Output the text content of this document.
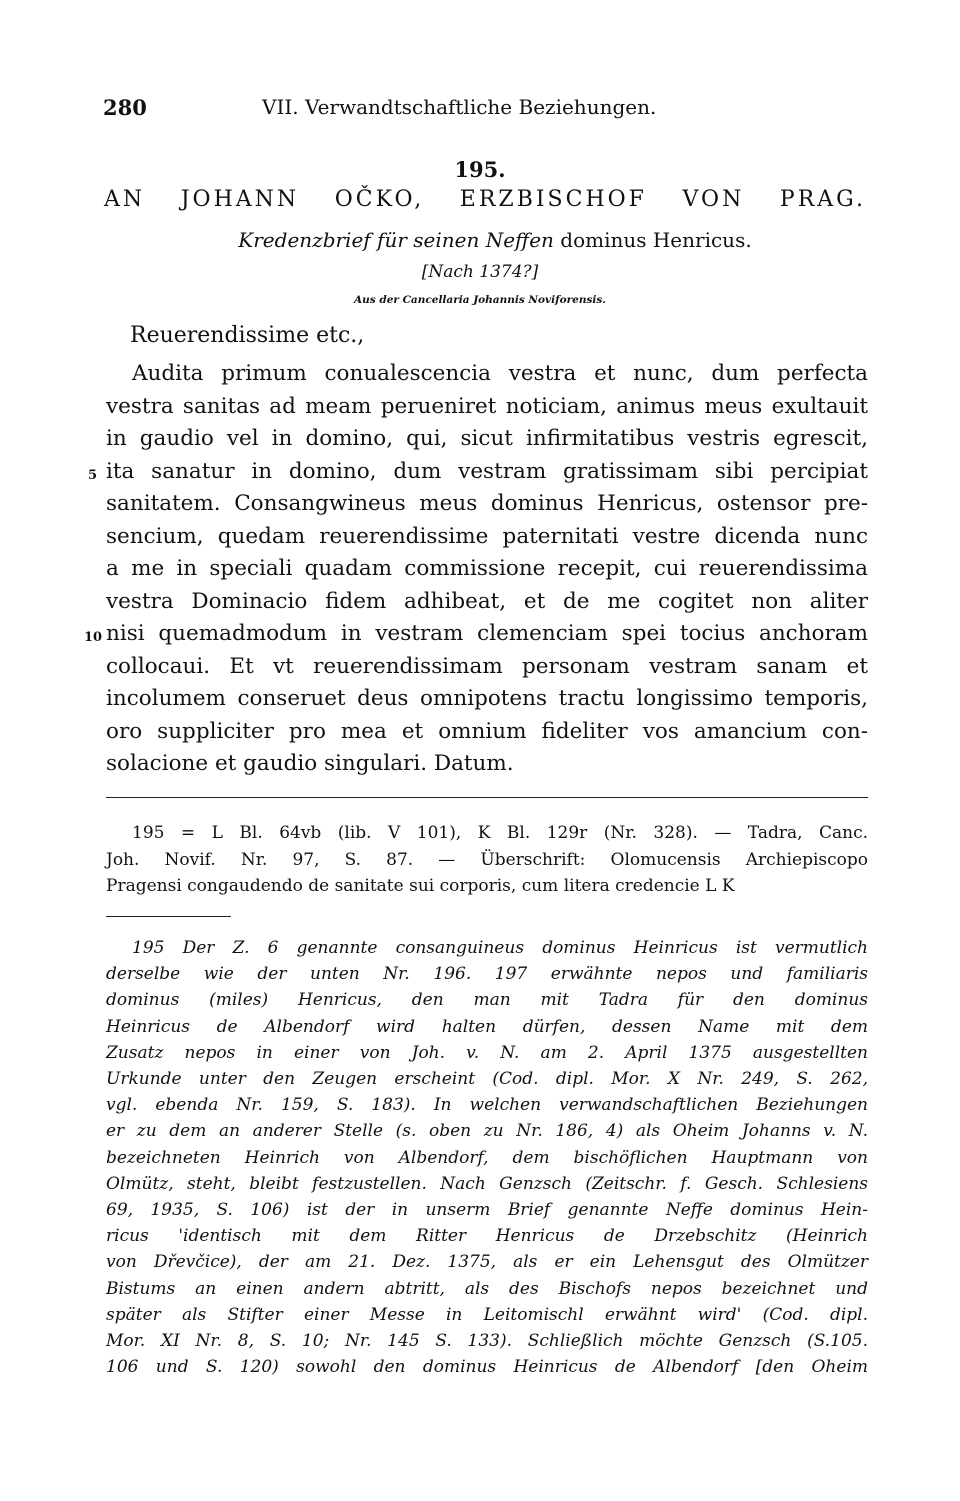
280	VII. Verwandtschaftliche Beziehungen.
195.
AN JOHANN OČKO, ERZBISCHOF VON PRAG.
Kredenzbrief für seinen Neffen dominus Henricus.
[Nach 1374?]
Aus der Cancellaria Johannis Noviforensis.
Reuerendissime etc.,
Audita primum conualescencia vestra et nunc, dum perfecta
vestra sanitas ad meam perueniret noticiam, animus meus exultauit
in gaudio vel in domino, qui, sicut infirmitatibus vestris egrescit,
5 ita sanatur in domino, dum vestram gratissimam sibi percipiat
sanitatem. Consangwineus meus dominus Henricus, ostensor pre-
sencium, quedam reuerendissime paternitati vestre dicenda nunc
a me in speciali quadam commissione recepit, cui reuerendissima
vestra Dominacio fidem adhibeat, et de me cogitet non aliter
10 nisi quemadmodum in vestram clemenciam spei tocius anchoram
collocaui. Et vt reuerendissimam personam vestram sanam et
incolumem conseruet deus omnipotens tractu longissimo temporis,
oro suppliciter pro mea et omnium fideliter vos amancium con-
solacione et gaudio singulari. Datum.
195 = L Bl. 64vb (lib. V 101), K Bl. 129r (Nr. 328). — Tadra, Canc.
Joh. Novif. Nr. 97, S. 87. — Überschrift: Olomucensis Archiepiscopo
Pragensi congaudendo de sanitate sui corporis, cum litera credencie L K
195 Der Z. 6 genannte consanguineus dominus Heinricus ist vermutlich
derselbe wie der unten Nr. 196. 197 erwähnte nepos und familiaris
dominus (miles) Henricus, den man mit Tadra für den dominus
Heinricus de Albendorf wird halten dürfen, dessen Name mit dem
Zusatz nepos in einer von Joh. v. N. am 2. April 1375 ausgestellten
Urkunde unter den Zeugen erscheint (Cod. dipl. Mor. X Nr. 249, S. 262,
vgl. ebenda Nr. 159, S. 183). In welchen verwandschaftlichen Beziehungen
er zu dem an anderer Stelle (s. oben zu Nr. 186, 4) als Oheim Johanns v. N.
bezeichneten Heinrich von Albendorf, dem bischöflichen Hauptmann von
Olmütz, steht, bleibt festzustellen. Nach Genzsch (Zeitschr. f. Gesch. Schlesiens
69, 1935, S. 106) ist der in unserm Brief genannte Neffe dominus Hein-
ricus 'identisch mit dem Ritter Henricus de Drzebschitz (Heinrich
von Dřevčice), der am 21. Dez. 1375, als er ein Lehensgut des Olmützer
Bistums an einen andern abtritt, als des Bischofs nepos bezeichnet und
später als Stifter einer Messe in Leitomischl erwähnt wird' (Cod. dipl.
Mor. XI Nr. 8, S. 10; Nr. 145 S. 133). Schließlich möchte Genzsch (S.105.
106 und S. 120) sowohl den dominus Heinricus de Albendorf [den Oheim
